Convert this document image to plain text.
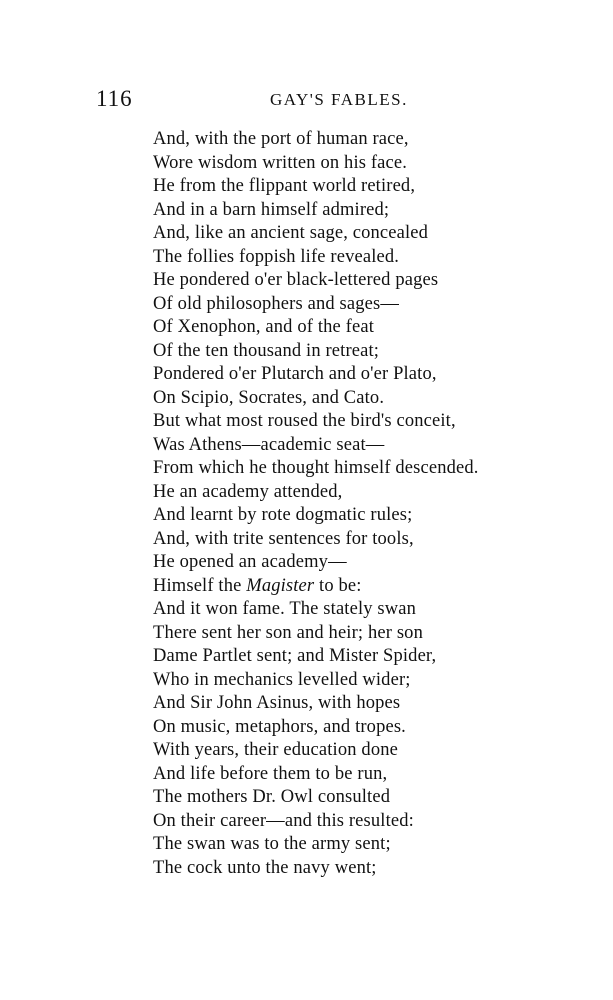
116	GAY'S FABLES.
And, with the port of human race,
Wore wisdom written on his face.
He from the flippant world retired,
And in a barn himself admired;
And, like an ancient sage, concealed
The follies foppish life revealed.
He pondered o'er black-lettered pages
Of old philosophers and sages—
Of Xenophon, and of the feat
Of the ten thousand in retreat;
Pondered o'er Plutarch and o'er Plato,
On Scipio, Socrates, and Cato.
But what most roused the bird's conceit,
Was Athens—academic seat—
From which he thought himself descended.
He an academy attended,
And learnt by rote dogmatic rules;
And, with trite sentences for tools,
He opened an academy—
Himself the Magister to be:
And it won fame. The stately swan
There sent her son and heir; her son
Dame Partlet sent; and Mister Spider,
Who in mechanics levelled wider;
And Sir John Asinus, with hopes
On music, metaphors, and tropes.
With years, their education done
And life before them to be run,
The mothers Dr. Owl consulted
On their career—and this resulted:
The swan was to the army sent;
The cock unto the navy went;
